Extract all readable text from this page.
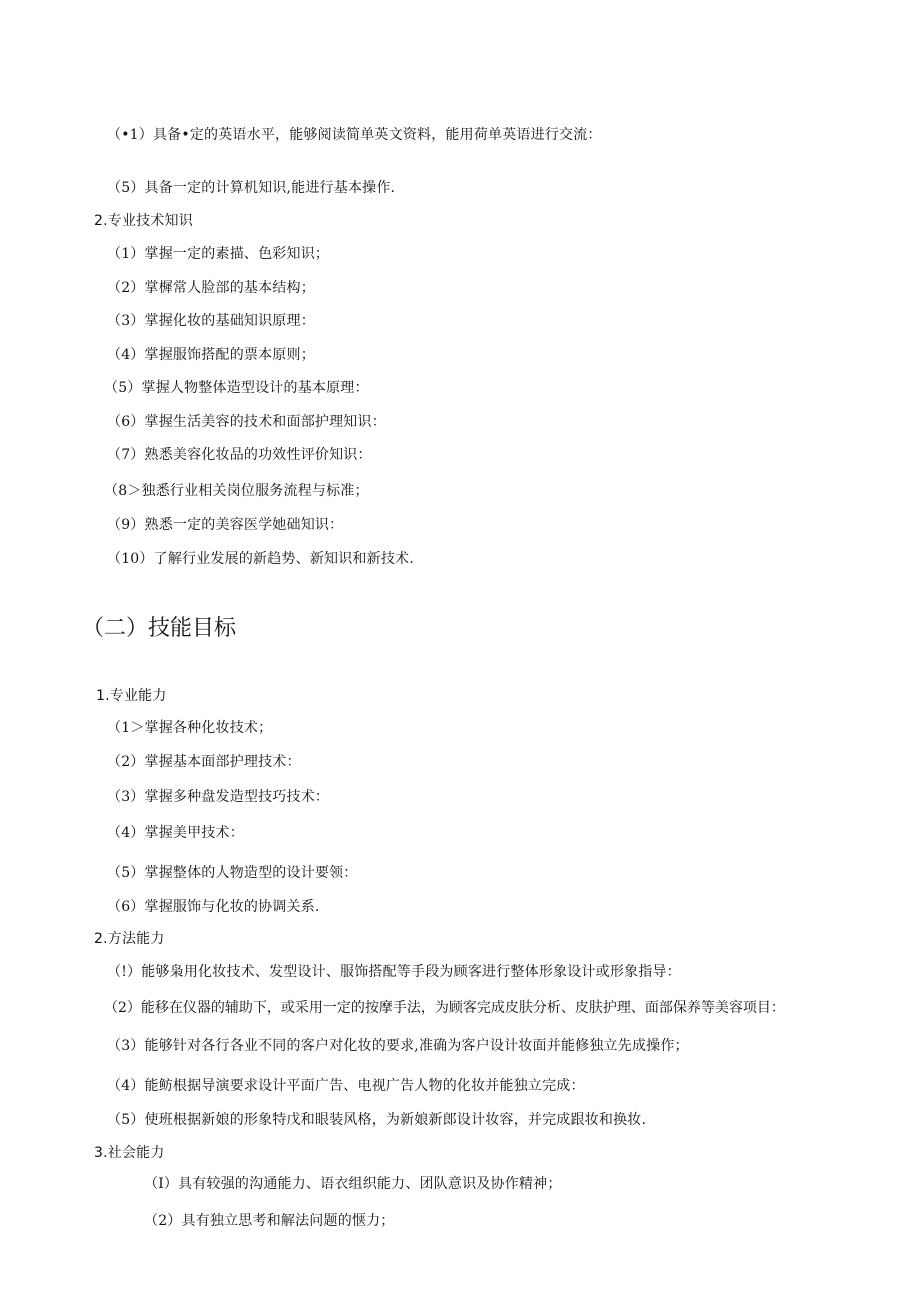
（•1）具备•定的英语水平，能够阅读简单英文资料，能用荷单英语进行交流：
（5）具备一定的计算机知识,能进行基本操作.
2.专业技术知识
（1）掌握一定的素描、色彩知识；
（2）掌樨常人脸部的基本结构；
（3）掌握化妆的基础知识原理：
（4）掌握服饰搭配的票本原则；
（5）掌握人物整体造型设计的基本原理：
（6）掌握生活美容的技术和面部护理知识：
（7）熟悉美容化妆品的功效性评价知识：
（8＞独悉行业相关岗位服务流程与标准；
（9）熟悉一定的美容医学她础知识：
（10）了解行业发展的新趋势、新知识和新技术.
（二）技能目标
1.专业能力
（1＞掌握各种化妆技术；
（2）掌握基本面部护理技术：
（3）掌握多种盘发造型技巧技术：
（4）掌握美甲技术：
（5）掌握整体的人物造型的设计要领：
（6）掌握服饰与化妆的协调关系.
2.方法能力
（!）能够枭用化妆技术、发型设计、服饰搭配等手段为顾客进行整体形象设计或形象指导：
（2）能移在仪器的辅助下，或采用一定的按摩手法，为顾客完成皮肤分析、皮肤护理、面部保养等美容项目：
（3）能够针对各行各业不同的客户对化妆的要求,准确为客户设计妆面并能修独立先成操作；
（4）能鲂根据导演要求设计平面广告、电视广告人物的化妆并能独立完成：
（5）使班根据新娘的形象特戊和眼装风格，为新娘新郎设计妆容，并完成跟妆和换妆.
3.社会能力
（I）具有较强的沟通能力、语衣组织能力、团队意识及协作精神；
（2）具有独立思考和解法问题的惬力；
